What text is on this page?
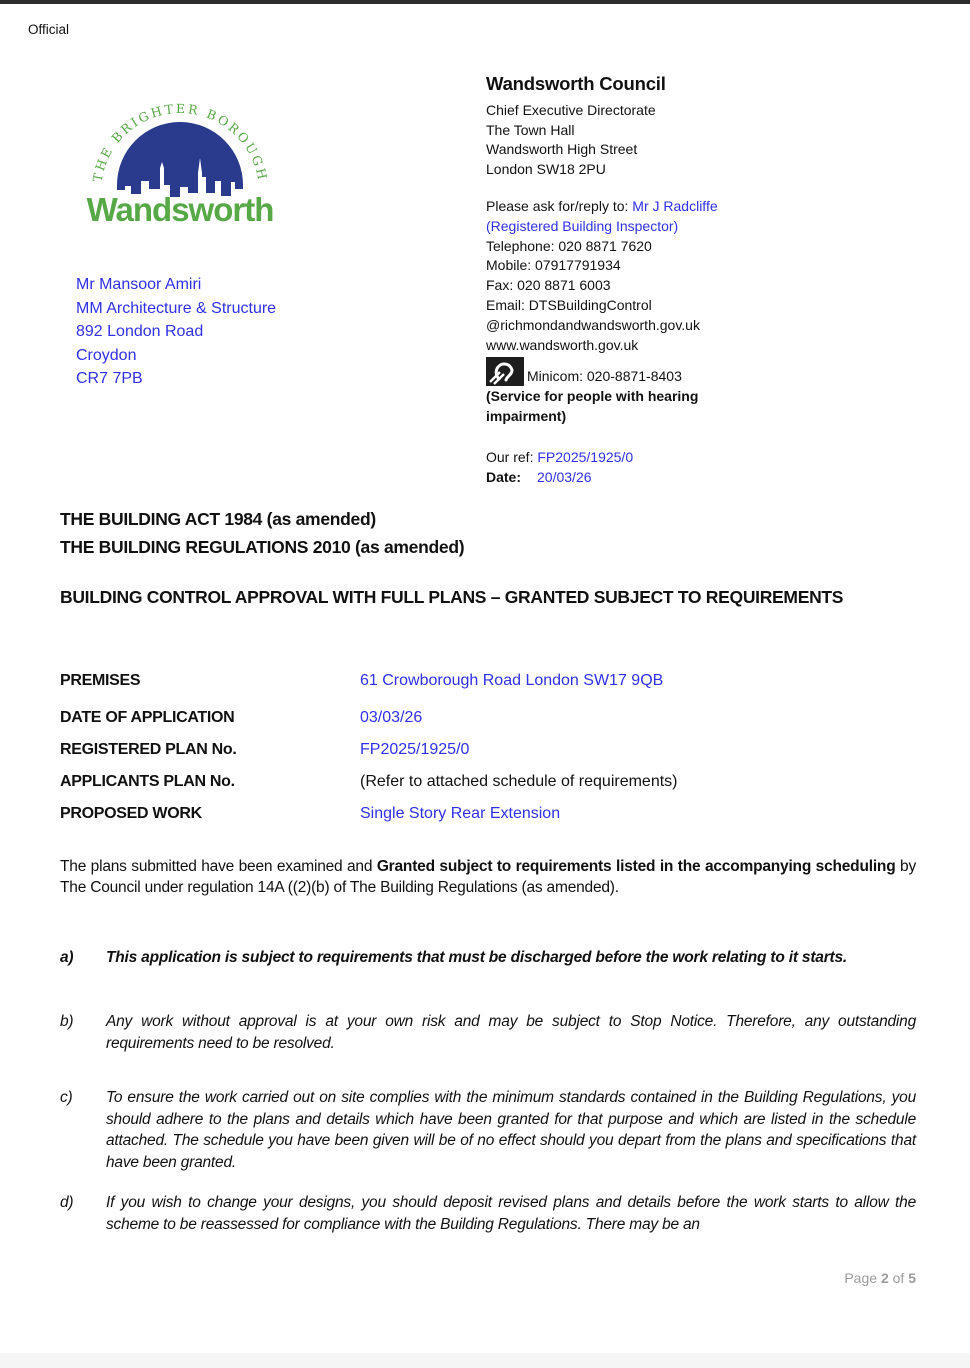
Official
THE BRIGHTER BOROUGH
Wandsworth
Mr Mansoor Amiri
MM Architecture & Structure
892 London Road
Croydon
CR7 7PB
Wandsworth Council
Chief Executive Directorate
The Town Hall
Wandsworth High Street
London SW18 2PU
Please ask for/reply to: Mr J Radcliffe
(Registered Building Inspector)
Telephone: 020 8871 7620
Mobile: 07917791934
Fax: 020 8871 6003
Email: DTSBuildingControl
@richmondandwandsworth.gov.uk
www.wandsworth.gov.uk
Minicom: 020-8871-8403
(Service for people with hearing
impairment)
Our ref: FP2025/1925/0
Date: 20/03/26
THE BUILDING ACT 1984 (as amended)
THE BUILDING REGULATIONS 2010 (as amended)
BUILDING CONTROL APPROVAL WITH FULL PLANS – GRANTED SUBJECT TO REQUIREMENTS
PREMISES	61 Crowborough Road London SW17 9QB
DATE OF APPLICATION	03/03/26
REGISTERED PLAN No.	FP2025/1925/0
APPLICANTS PLAN No.	(Refer to attached schedule of requirements)
PROPOSED WORK	Single Story Rear Extension
The plans submitted have been examined and Granted subject to requirements listed in the accompanying scheduling by The Council under regulation 14A ((2)(b) of The Building Regulations (as amended).
a)	This application is subject to requirements that must be discharged before the work relating to it starts.
b)	Any work without approval is at your own risk and may be subject to Stop Notice. Therefore, any outstanding requirements need to be resolved.
c)	To ensure the work carried out on site complies with the minimum standards contained in the Building Regulations, you should adhere to the plans and details which have been granted for that purpose and which are listed in the schedule attached. The schedule you have been given will be of no effect should you depart from the plans and specifications that have been granted.
d)	If you wish to change your designs, you should deposit revised plans and details before the work starts to allow the scheme to be reassessed for compliance with the Building Regulations. There may be an
Page 2 of 5
